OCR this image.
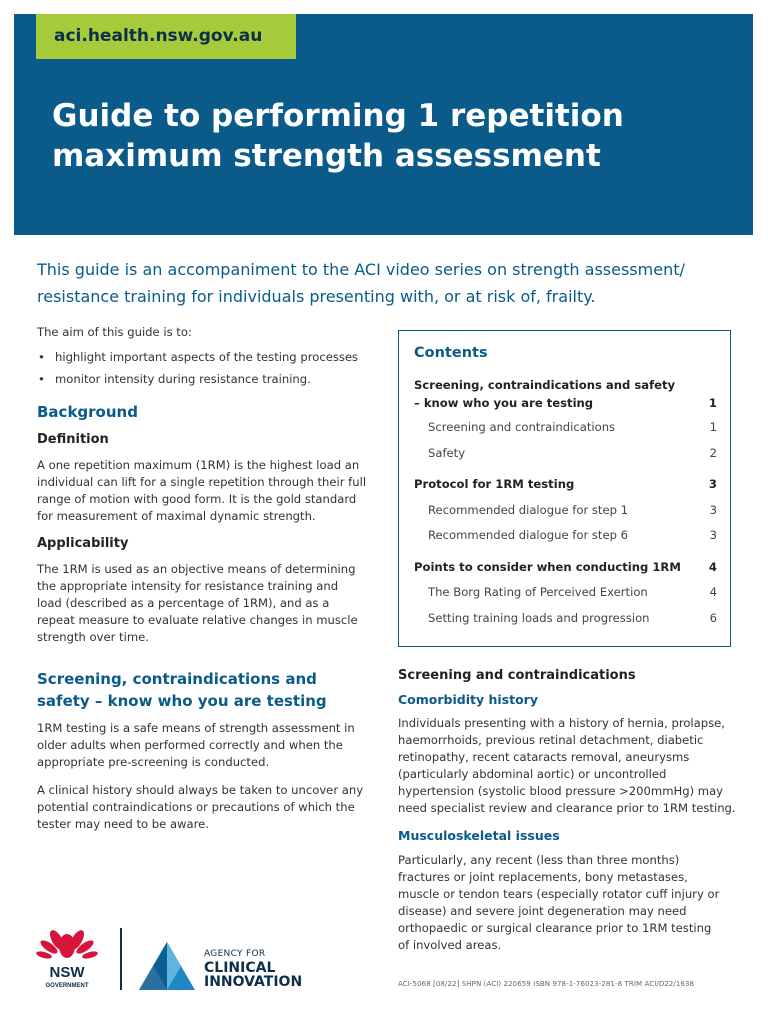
aci.health.nsw.gov.au
Guide to performing 1 repetition
maximum strength assessment
This guide is an accompaniment to the ACI video series on strength assessment/
resistance training for individuals presenting with, or at risk of, frailty.
The aim of this guide is to:
• highlight important aspects of the testing processes
• monitor intensity during resistance training.
Background
Definition
A one repetition maximum (1RM) is the highest load an
individual can lift for a single repetition through their full
range of motion with good form. It is the gold standard
for measurement of maximal dynamic strength.
Applicability
The 1RM is used as an objective means of determining
the appropriate intensity for resistance training and
load (described as a percentage of 1RM), and as a
repeat measure to evaluate relative changes in muscle
strength over time.
Screening, contraindications and
safety – know who you are testing
1RM testing is a safe means of strength assessment in
older adults when performed correctly and when the
appropriate pre-screening is conducted.
A clinical history should always be taken to uncover any
potential contraindications or precautions of which the
tester may need to be aware.
Contents
Screening, contraindications and safety
– know who you are testing	1
Screening and contraindications	1
Safety	2
Protocol for 1RM testing	3
Recommended dialogue for step 1	3
Recommended dialogue for step 6	3
Points to consider when conducting 1RM	4
The Borg Rating of Perceived Exertion	4
Setting training loads and progression	6
Screening and contraindications
Comorbidity history
Individuals presenting with a history of hernia, prolapse,
haemorrhoids, previous retinal detachment, diabetic
retinopathy, recent cataracts removal, aneurysms
(particularly abdominal aortic) or uncontrolled
hypertension (systolic blood pressure >200mmHg) may
need specialist review and clearance prior to 1RM testing.
Musculoskeletal issues
Particularly, any recent (less than three months)
fractures or joint replacements, bony metastases,
muscle or tendon tears (especially rotator cuff injury or
disease) and severe joint degeneration may need
orthopaedic or surgical clearance prior to 1RM testing
of involved areas.
ACI-5068 [08/22] SHPN (ACI) 220659 ISBN 978-1-76023-281-8 TRIM ACI/D22/1638
NSW
GOVERNMENT
AGENCY FOR
CLINICAL
INNOVATION
